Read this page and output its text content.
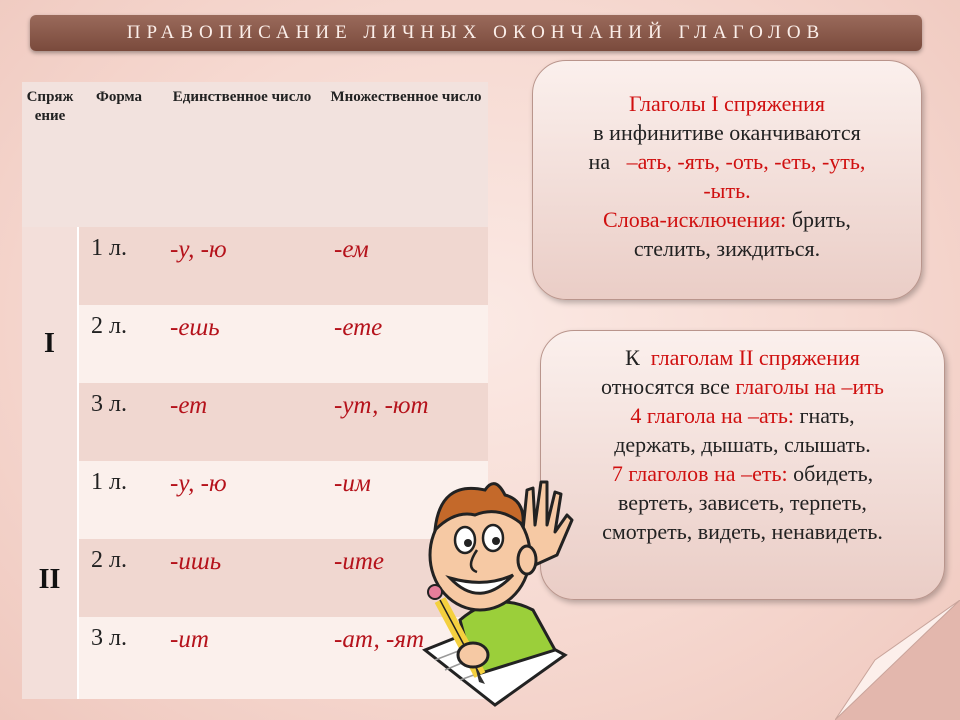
ПРАВОПИСАНИЕ ЛИЧНЫХ ОКОНЧАНИЙ ГЛАГОЛОВ
Спряжение	Форма	Единственное число	Множественное число
I	1 л.	-у, -ю	-ем
	2 л.	-ешь	-ете
	3 л.	-ет	-ут, -ют
II	1 л.	-у, -ю	-им
	2 л.	-ишь	-ите
	3 л.	-ит	-ат, -ят
Глаголы I спряжения
в инфинитиве оканчиваются
на –ать, -ять, -оть, -еть, -уть,
-ыть.
Слова-исключения: брить,
стелить, зиждиться.
К глаголам II спряжения
относятся все глаголы на –ить
4 глагола на –ать: гнать,
держать, дышать, слышать.
7 глаголов на –еть: обидеть,
вертеть, зависеть, терпеть,
смотреть, видеть, ненавидеть.
